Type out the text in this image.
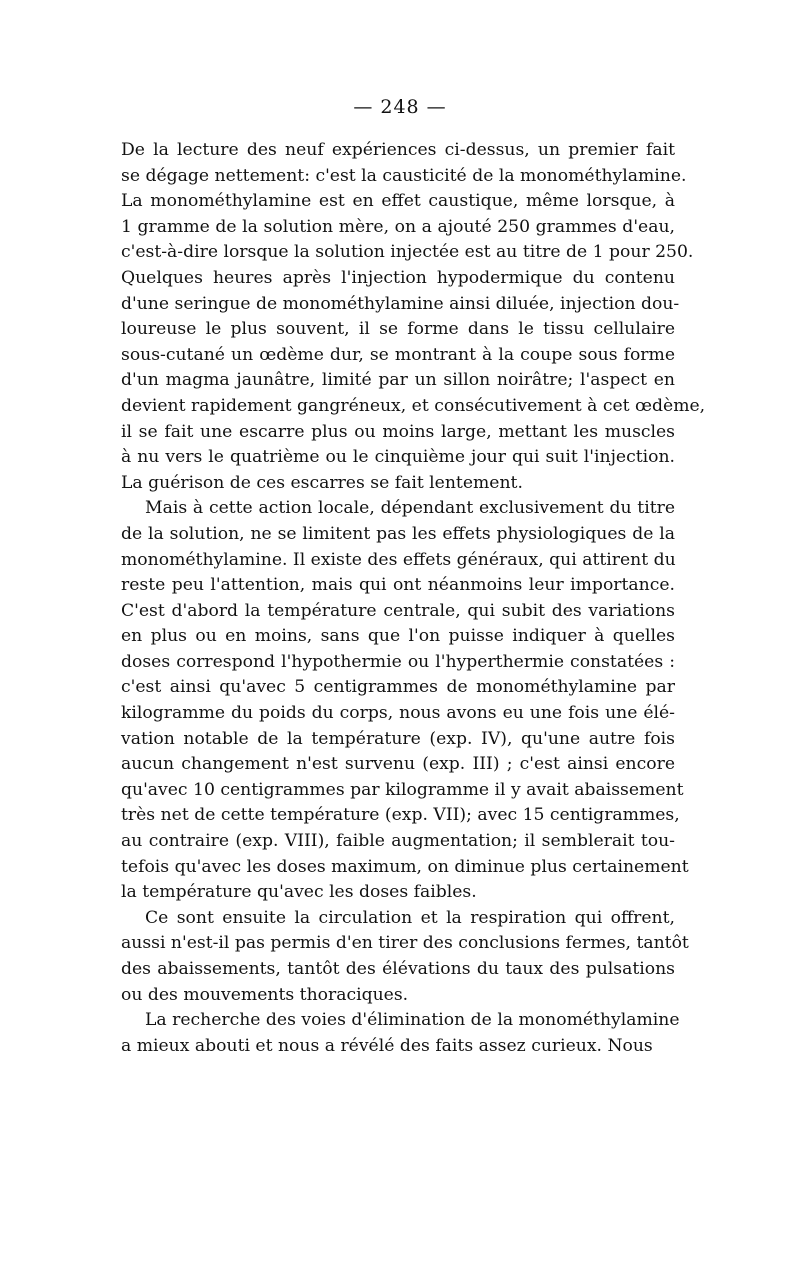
— 248 —
De la lecture des neuf expériences ci-dessus, un premier fait
se dégage nettement: c'est la causticité de la monométhylamine.
La monométhylamine est en effet caustique, même lorsque, à
1 gramme de la solution mère, on a ajouté 250 grammes d'eau,
c'est-à-dire lorsque la solution injectée est au titre de 1 pour 250.
Quelques heures après l'injection hypodermique du contenu
d'une seringue de monométhylamine ainsi diluée, injection dou-
loureuse le plus souvent, il se forme dans le tissu cellulaire
sous-cutané un œdème dur, se montrant à la coupe sous forme
d'un magma jaunâtre, limité par un sillon noirâtre; l'aspect en
devient rapidement gangréneux, et consécutivement à cet œdème,
il se fait une escarre plus ou moins large, mettant les muscles
à nu vers le quatrième ou le cinquième jour qui suit l'injection.
La guérison de ces escarres se fait lentement.
Mais à cette action locale, dépendant exclusivement du titre
de la solution, ne se limitent pas les effets physiologiques de la
monométhylamine. Il existe des effets généraux, qui attirent du
reste peu l'attention, mais qui ont néanmoins leur importance.
C'est d'abord la température centrale, qui subit des variations
en plus ou en moins, sans que l'on puisse indiquer à quelles
doses correspond l'hypothermie ou l'hyperthermie constatées :
c'est ainsi qu'avec 5 centigrammes de monométhylamine par
kilogramme du poids du corps, nous avons eu une fois une élé-
vation notable de la température (exp. IV), qu'une autre fois
aucun changement n'est survenu (exp. III) ; c'est ainsi encore
qu'avec 10 centigrammes par kilogramme il y avait abaissement
très net de cette température (exp. VII); avec 15 centigrammes,
au contraire (exp. VIII), faible augmentation; il semblerait tou-
tefois qu'avec les doses maximum, on diminue plus certainement
la température qu'avec les doses faibles.
Ce sont ensuite la circulation et la respiration qui offrent,
aussi n'est-il pas permis d'en tirer des conclusions fermes, tantôt
des abaissements, tantôt des élévations du taux des pulsations
ou des mouvements thoraciques.
La recherche des voies d'élimination de la monométhylamine
a mieux abouti et nous a révélé des faits assez curieux. Nous
